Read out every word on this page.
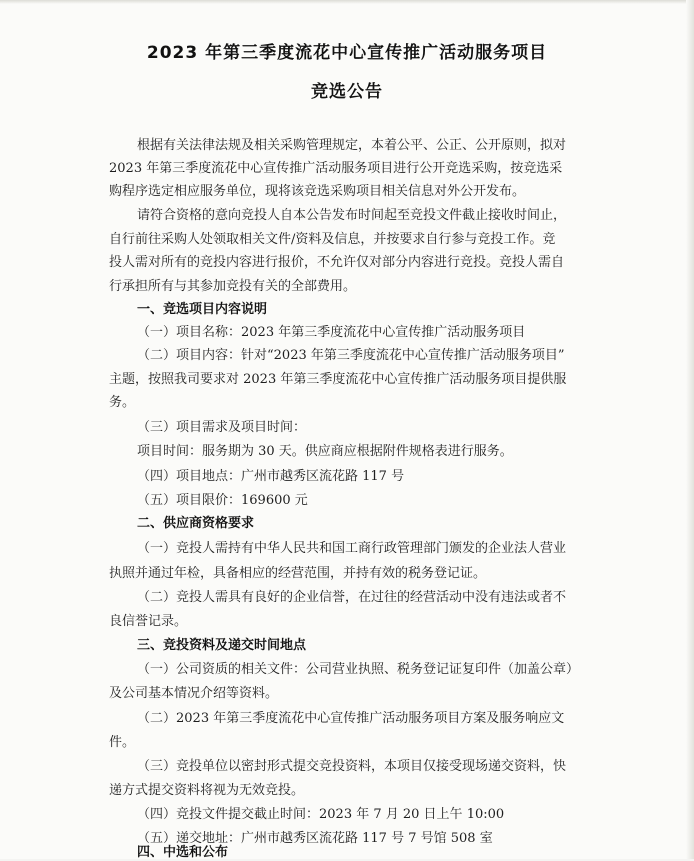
2023 年第三季度流花中心宣传推广活动服务项目
竞选公告
根据有关法律法规及相关采购管理规定，本着公平、公正、公开原则，拟对
2023 年第三季度流花中心宣传推广活动服务项目进行公开竞选采购，按竞选采
购程序选定相应服务单位，现将该竞选采购项目相关信息对外公开发布。
请符合资格的意向竞投人自本公告发布时间起至竞投文件截止接收时间止，
自行前往采购人处领取相关文件/资料及信息，并按要求自行参与竞投工作。竞
投人需对所有的竞投内容进行报价，不允许仅对部分内容进行竞投。竞投人需自
行承担所有与其参加竞投有关的全部费用。
一、竞选项目内容说明
（一）项目名称：2023 年第三季度流花中心宣传推广活动服务项目
（二）项目内容：针对“2023 年第三季度流花中心宣传推广活动服务项目”
主题，按照我司要求对 2023 年第三季度流花中心宣传推广活动服务项目提供服
务。
（三）项目需求及项目时间：
项目时间：服务期为 30 天。供应商应根据附件规格表进行服务。
（四）项目地点：广州市越秀区流花路 117 号
（五）项目限价：169600 元
二、供应商资格要求
（一）竞投人需持有中华人民共和国工商行政管理部门颁发的企业法人营业
执照并通过年检，具备相应的经营范围，并持有效的税务登记证。
（二）竞投人需具有良好的企业信誉，在过往的经营活动中没有违法或者不
良信誉记录。
三、竞投资料及递交时间地点
（一）公司资质的相关文件：公司营业执照、税务登记证复印件（加盖公章）
及公司基本情况介绍等资料。
（二）2023 年第三季度流花中心宣传推广活动服务项目方案及服务响应文
件。
（三）竞投单位以密封形式提交竞投资料，本项目仅接受现场递交资料，快
递方式提交资料将视为无效竞投。
（四）竞投文件提交截止时间：2023 年 7 月 20 日上午 10:00
（五）递交地址：广州市越秀区流花路 117 号 7 号馆 508 室
四、中选和公布
